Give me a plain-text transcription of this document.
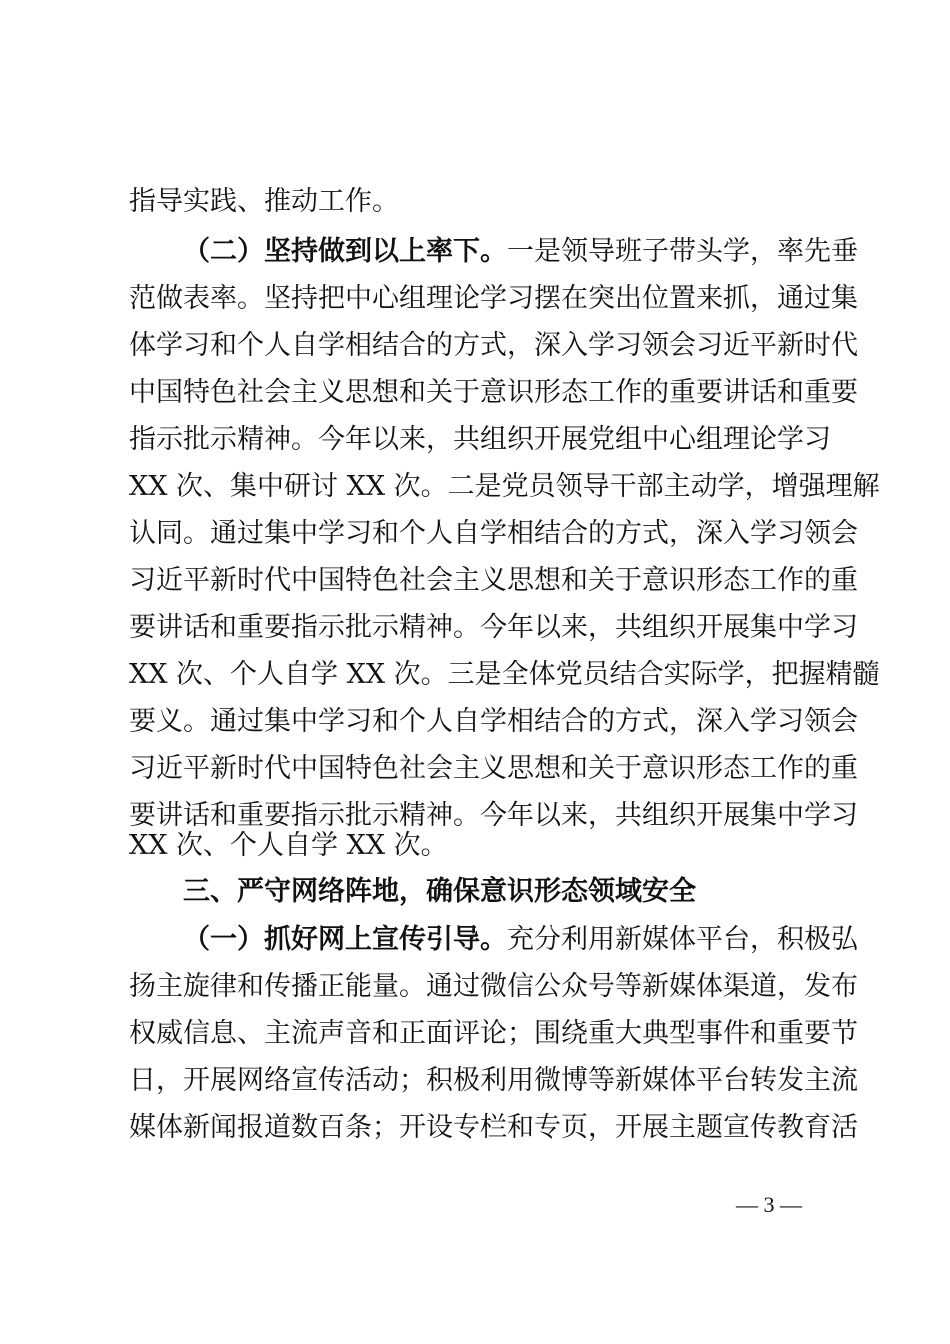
指导实践、推动工作。
（二）坚持做到以上率下。一是领导班子带头学，率先垂
范做表率。坚持把中心组理论学习摆在突出位置来抓，通过集
体学习和个人自学相结合的方式，深入学习领会习近平新时代
中国特色社会主义思想和关于意识形态工作的重要讲话和重要
指示批示精神。今年以来，共组织开展党组中心组理论学习
XX 次、集中研讨 XX 次。二是党员领导干部主动学，增强理解
认同。通过集中学习和个人自学相结合的方式，深入学习领会
习近平新时代中国特色社会主义思想和关于意识形态工作的重
要讲话和重要指示批示精神。今年以来，共组织开展集中学习
XX 次、个人自学 XX 次。三是全体党员结合实际学，把握精髓
要义。通过集中学习和个人自学相结合的方式，深入学习领会
习近平新时代中国特色社会主义思想和关于意识形态工作的重
要讲话和重要指示批示精神。今年以来，共组织开展集中学习
XX 次、个人自学 XX 次。
三、严守网络阵地，确保意识形态领域安全
（一）抓好网上宣传引导。充分利用新媒体平台，积极弘
扬主旋律和传播正能量。通过微信公众号等新媒体渠道，发布
权威信息、主流声音和正面评论；围绕重大典型事件和重要节
日，开展网络宣传活动；积极利用微博等新媒体平台转发主流
媒体新闻报道数百条；开设专栏和专页，开展主题宣传教育活
— 3 —
